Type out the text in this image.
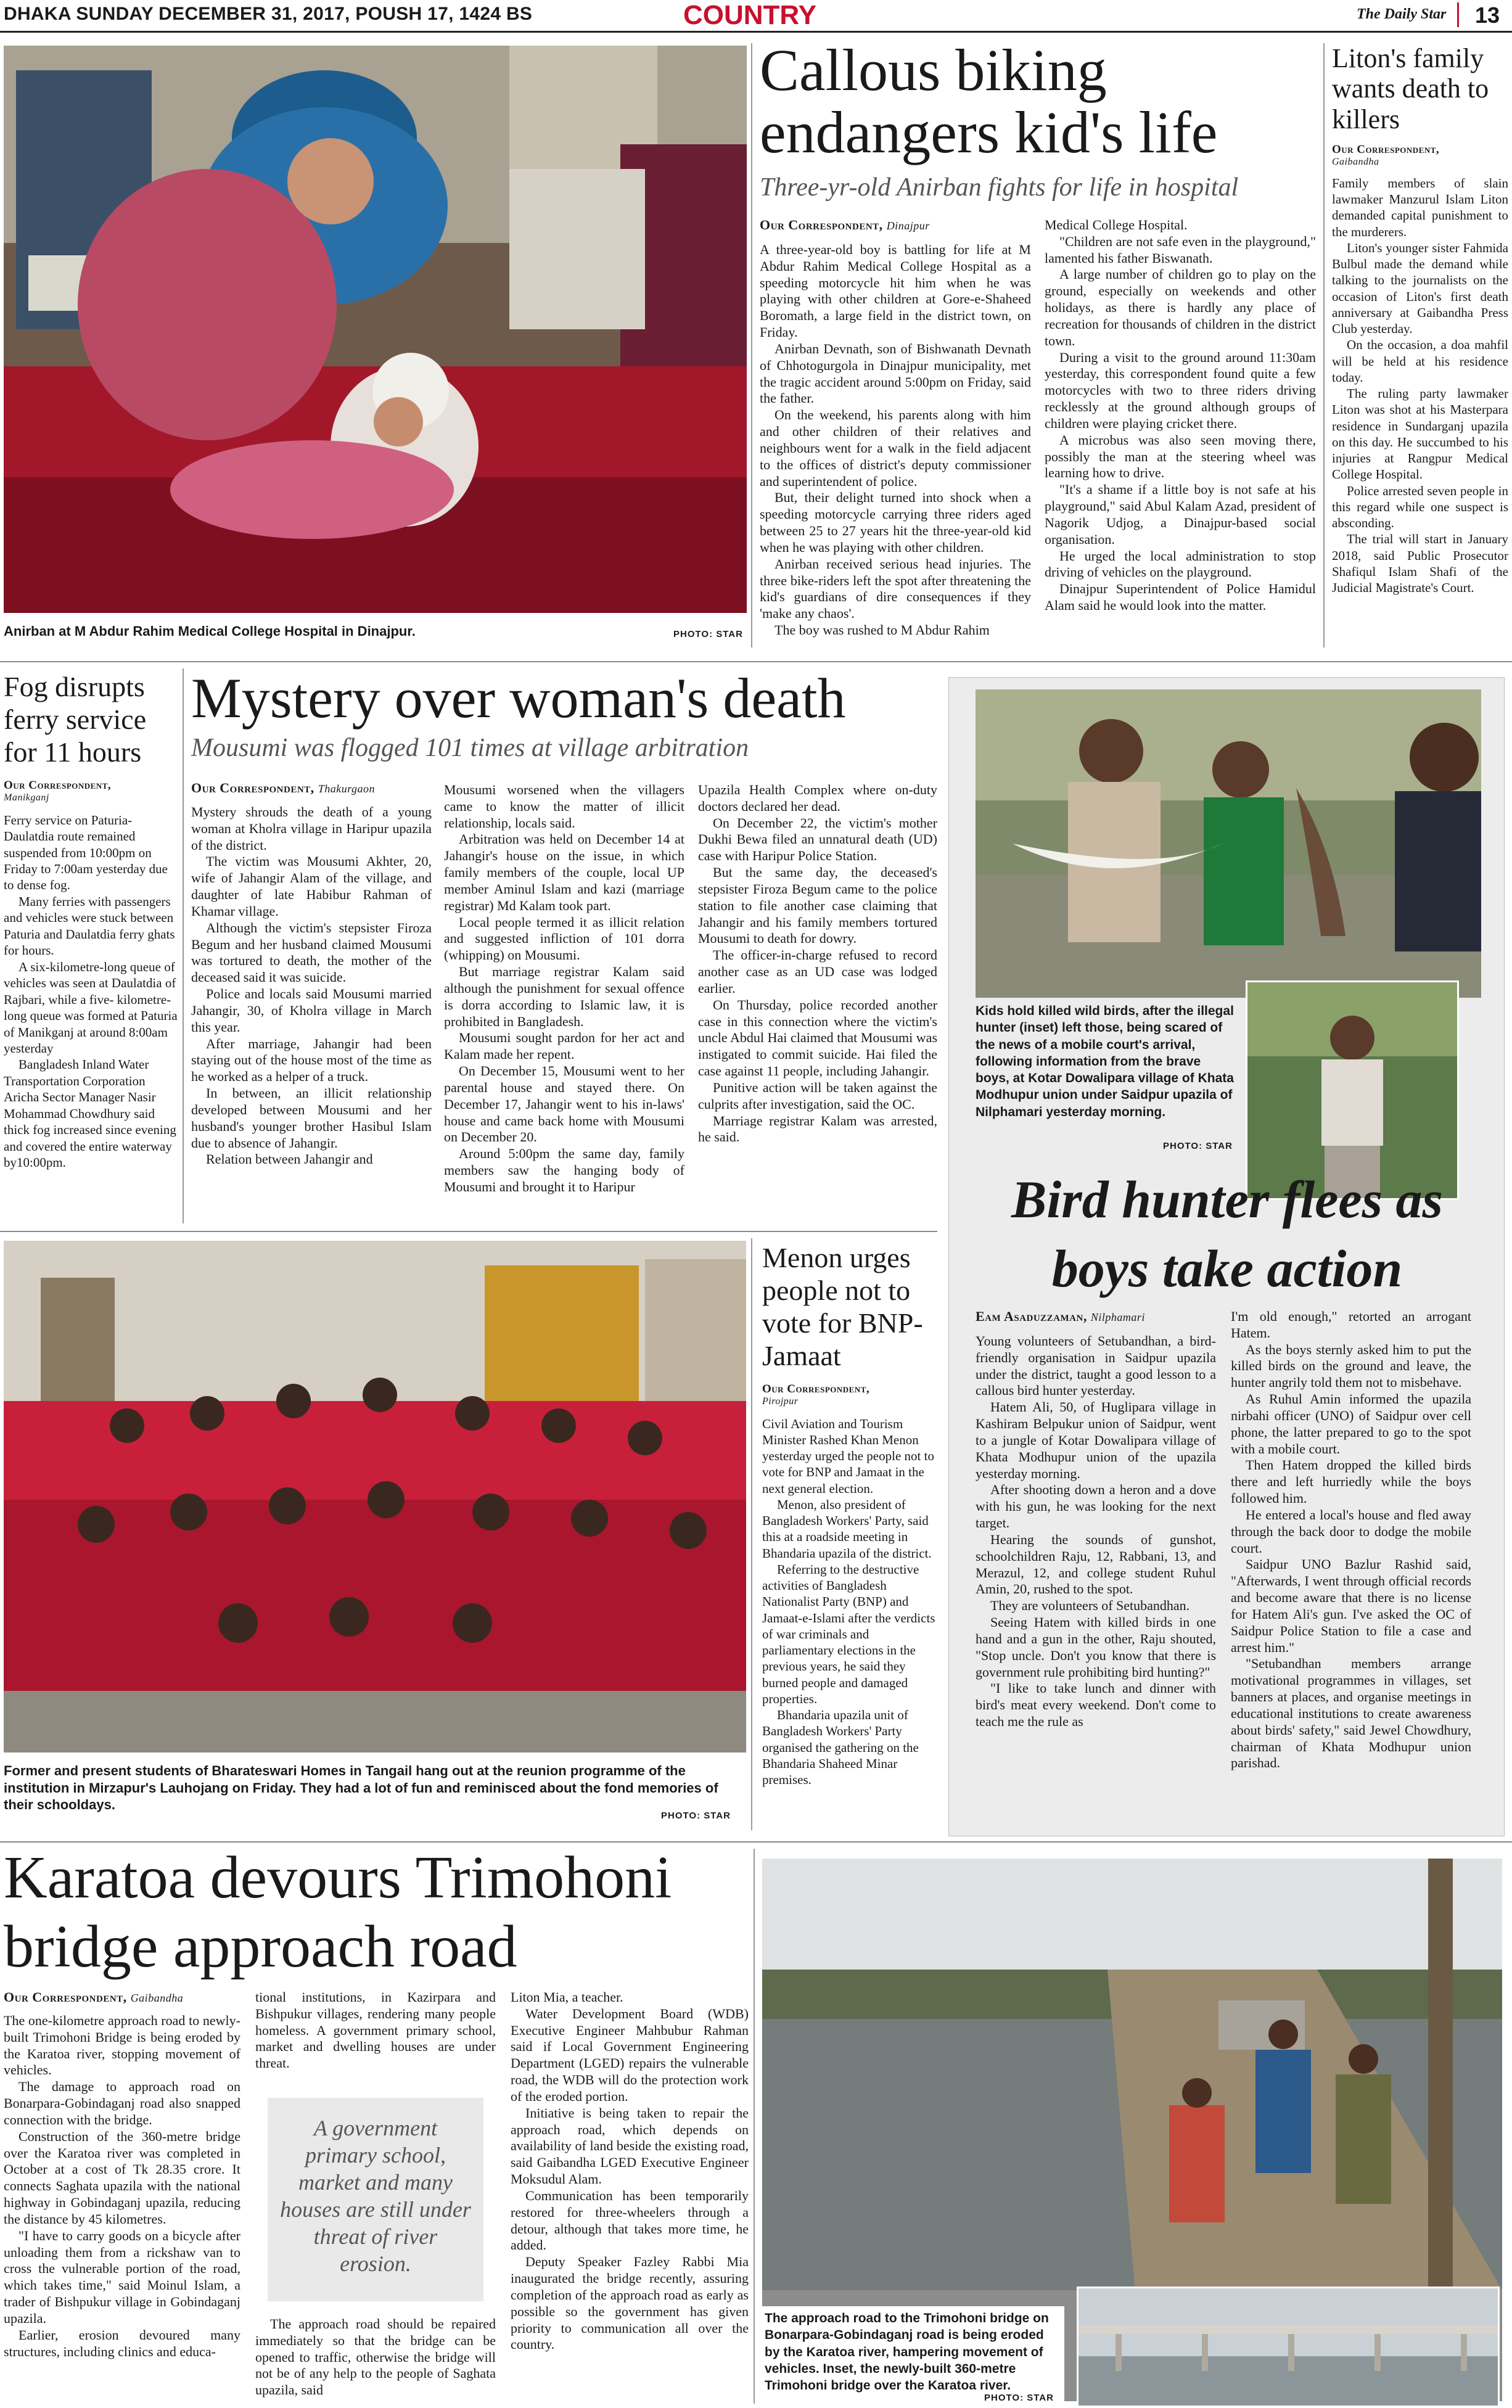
DHAKA SUNDAY DECEMBER 31, 2017, POUSH 17, 1424 BS	COUNTRY	The Daily Star 13
Anirban at M Abdur Rahim Medical College Hospital in Dinajpur.	PHOTO: STAR
Callous biking endangers kid's life
Three-yr-old Anirban fights for life in hospital
Our Correspondent, Dinajpur

A three-year-old boy is battling for life at M Abdur Rahim Medical College Hospital as a speeding motorcycle hit him when he was playing with other children at Gore-e-Shaheed Boromath, a large field in the district town, on Friday.

Anirban Devnath, son of Bishwanath Devnath of Chhotogurgola in Dinajpur municipality, met the tragic accident around 5:00pm on Friday, said the father.

On the weekend, his parents along with him and other children of their relatives and neighbours went for a walk in the field adjacent to the offices of district's deputy commissioner and superintendent of police.

But, their delight turned into shock when a speeding motorcycle carrying three riders aged between 25 to 27 years hit the three-year-old kid when he was playing with other children.

Anirban received serious head injuries. The three bike-riders left the spot after threatening the kid's guardians of dire consequences if they 'make any chaos'.

The boy was rushed to M Abdur Rahim

Medical College Hospital.

"Children are not safe even in the playground," lamented his father Biswanath.

A large number of children go to play on the ground, especially on weekends and other holidays, as there is hardly any place of recreation for thousands of children in the district town.

During a visit to the ground around 11:30am yesterday, this correspondent found quite a few motorcycles with two to three riders driving recklessly at the ground although groups of children were playing cricket there.

A microbus was also seen moving there, possibly the man at the steering wheel was learning how to drive.

"It's a shame if a little boy is not safe at his playground," said Abul Kalam Azad, president of Nagorik Udjog, a Dinajpur-based social organisation.

He urged the local administration to stop driving of vehicles on the playground.

Dinajpur Superintendent of Police Hamidul Alam said he would look into the matter.

Liton's family wants death to killers
Our Correspondent,
Gaibandha

Family members of slain lawmaker Manzurul Islam Liton demanded capital punishment to the murderers.

Liton's younger sister Fahmida Bulbul made the demand while talking to the journalists on the occasion of Liton's first death anniversary at Gaibandha Press Club yesterday.

On the occasion, a doa mahfil will be held at his residence today.

The ruling party lawmaker Liton was shot at his Masterpara residence in Sundarganj upazila on this day. He succumbed to his injuries at Rangpur Medical College Hospital.

Police arrested seven people in this regard while one suspect is absconding.

The trial will start in January 2018, said Public Prosecutor Shafiqul Islam Shafi of the Judicial Magistrate's Court.

Fog disrupts ferry service for 11 hours
Our Correspondent,
Manikganj

Ferry service on Paturia-Daulatdia route remained suspended from 10:00pm on Friday to 7:00am yesterday due to dense fog.

Many ferries with passengers and vehicles were stuck between Paturia and Daulatdia ferry ghats for hours.

A six-kilometre-long queue of vehicles was seen at Daulatdia of Rajbari, while a five- kilometre-long queue was formed at Paturia of Manikganj at around 8:00am yesterday

Bangladesh Inland Water Transportation Corporation Aricha Sector Manager Nasir Mohammad Chowdhury said thick fog increased since evening and covered the entire waterway by10:00pm.

Mystery over woman's death
Mousumi was flogged 101 times at village arbitration
Our Correspondent, Thakurgaon

Mystery shrouds the death of a young woman at Kholra village in Haripur upazila of the district.

The victim was Mousumi Akhter, 20, wife of Jahangir Alam of the village, and daughter of late Habibur Rahman of Khamar village.

Although the victim's stepsister Firoza Begum and her husband claimed Mousumi was tortured to death, the mother of the deceased said it was suicide.

Police and locals said Mousumi married Jahangir, 30, of Kholra village in March this year.

After marriage, Jahangir had been staying out of the house most of the time as he worked as a helper of a truck.

In between, an illicit relationship developed between Mousumi and her husband's younger brother Hasibul Islam due to absence of Jahangir.

Relation between Jahangir and

Mousumi worsened when the villagers came to know the matter of illicit relationship, locals said.

Arbitration was held on December 14 at Jahangir's house on the issue, in which family members of the couple, local UP member Aminul Islam and kazi (marriage registrar) Md Kalam took part.

Local people termed it as illicit relation and suggested infliction of 101 dorra (whipping) on Mousumi.

But marriage registrar Kalam said although the punishment for sexual offence is dorra according to Islamic law, it is prohibited in Bangladesh.

Mousumi sought pardon for her act and Kalam made her repent.

On December 15, Mousumi went to her parental house and stayed there. On December 17, Jahangir went to his in-laws' house and came back home with Mousumi on December 20.

Around 5:00pm the same day, family members saw the hanging body of Mousumi and brought it to Haripur

Upazila Health Complex where on-duty doctors declared her dead.

On December 22, the victim's mother Dukhi Bewa filed an unnatural death (UD) case with Haripur Police Station.

But the same day, the deceased's stepsister Firoza Begum came to the police station to file another case claiming that Jahangir and his family members tortured Mousumi to death for dowry.

The officer-in-charge refused to record another case as an UD case was lodged earlier.

On Thursday, police recorded another case in this connection where the victim's uncle Abdul Hai claimed that Mousumi was instigated to commit suicide. Hai filed the case against 11 people, including Jahangir.

Punitive action will be taken against the culprits after investigation, said the OC.

Marriage registrar Kalam was arrested, he said.

Kids hold killed wild birds, after the illegal hunter (inset) left those, being scared of the news of a mobile court's arrival, following information from the brave boys, at Kotar Dowalipara village of Khata Modhupur union under Saidpur upazila of Nilphamari yesterday morning.
PHOTO: STAR
Bird hunter flees as boys take action
Eam Asaduzzaman, Nilphamari

Young volunteers of Setubandhan, a bird-friendly organisation in Saidpur upazila under the district, taught a good lesson to a callous bird hunter yesterday.

Hatem Ali, 50, of Huglipara village in Kashiram Belpukur union of Saidpur, went to a jungle of Kotar Dowalipara village of Khata Modhupur union of the upazila yesterday morning.

After shooting down a heron and a dove with his gun, he was looking for the next target.

Hearing the sounds of gunshot, schoolchildren Raju, 12, Rabbani, 13, and Merazul, 12, and college student Ruhul Amin, 20, rushed to the spot.

They are volunteers of Setubandhan.

Seeing Hatem with killed birds in one hand and a gun in the other, Raju shouted, "Stop uncle. Don't you know that there is government rule prohibiting bird hunting?"

"I like to take lunch and dinner with bird's meat every weekend. Don't come to teach me the rule as

I'm old enough," retorted an arrogant Hatem.

As the boys sternly asked him to put the killed birds on the ground and leave, the hunter angrily told them not to misbehave.

As Ruhul Amin informed the upazila nirbahi officer (UNO) of Saidpur over cell phone, the latter prepared to go to the spot with a mobile court.

Then Hatem dropped the killed birds there and left hurriedly while the boys followed him.

He entered a local's house and fled away through the back door to dodge the mobile court.

Saidpur UNO Bazlur Rashid said, "Afterwards, I went through official records and become aware that there is no license for Hatem Ali's gun. I've asked the OC of Saidpur Police Station to file a case and arrest him."

"Setubandhan members arrange motivational programmes in villages, set banners at places, and organise meetings in educational institutions to create awareness about birds' safety," said Jewel Chowdhury, chairman of Khata Modhupur union parishad.

Former and present students of Bharateswari Homes in Tangail hang out at the reunion programme of the institution in Mirzapur's Lauhojang on Friday. They had a lot of fun and reminisced about the fond memories of their schooldays.
PHOTO: STAR
Menon urges people not to vote for BNP-Jamaat
Our Correspondent,
Pirojpur

Civil Aviation and Tourism Minister Rashed Khan Menon yesterday urged the people not to vote for BNP and Jamaat in the next general election.

Menon, also president of Bangladesh Workers' Party, said this at a roadside meeting in Bhandaria upazila of the district.

Referring to the destructive activities of Bangladesh Nationalist Party (BNP) and Jamaat-e-Islami after the verdicts of war criminals and parliamentary elections in the previous years, he said they burned people and damaged properties.

Bhandaria upazila unit of Bangladesh Workers' Party organised the gathering on the Bhandaria Shaheed Minar premises.

Karatoa devours Trimohoni bridge approach road
Our Correspondent, Gaibandha

The one-kilometre approach road to newly-built Trimohoni Bridge is being eroded by the Karatoa river, stopping movement of vehicles.

The damage to approach road on Bonarpara-Gobindaganj road also snapped connection with the bridge.

Construction of the 360-metre bridge over the Karatoa river was completed in October at a cost of Tk 28.35 crore. It connects Saghata upazila with the national highway in Gobindaganj upazila, reducing the distance by 45 kilometres.

"I have to carry goods on a bicycle after unloading them from a rickshaw van to cross the vulnerable portion of the road, which takes time," said Moinul Islam, a trader of Bishpukur village in Gobindaganj upazila.

Earlier, erosion devoured many structures, including clinics and educa-

tional institutions, in Kazirpara and Bishpukur villages, rendering many people homeless. A government primary school, market and dwelling houses are under threat.

A government primary school, market and many houses are still under threat of river erosion.

The approach road should be repaired immediately so that the bridge can be opened to traffic, otherwise the bridge will not be of any help to the people of Saghata upazila, said

Liton Mia, a teacher.

Water Development Board (WDB) Executive Engineer Mahbubur Rahman said if Local Government Engineering Department (LGED) repairs the vulnerable road, the WDB will do the protection work of the eroded portion.

Initiative is being taken to repair the approach road, which depends on availability of land beside the existing road, said Gaibandha LGED Executive Engineer Moksudul Alam.

Communication has been temporarily restored for three-wheelers through a detour, although that takes more time, he added.

Deputy Speaker Fazley Rabbi Mia inaugurated the bridge recently, assuring completion of the approach road as early as possible so the government has given priority to communication all over the country.

The approach road to the Trimohoni bridge on Bonarpara-Gobindaganj road is being eroded by the Karatoa river, hampering movement of vehicles. Inset, the newly-built 360-metre Trimohoni bridge over the Karatoa river.
PHOTO: STAR
